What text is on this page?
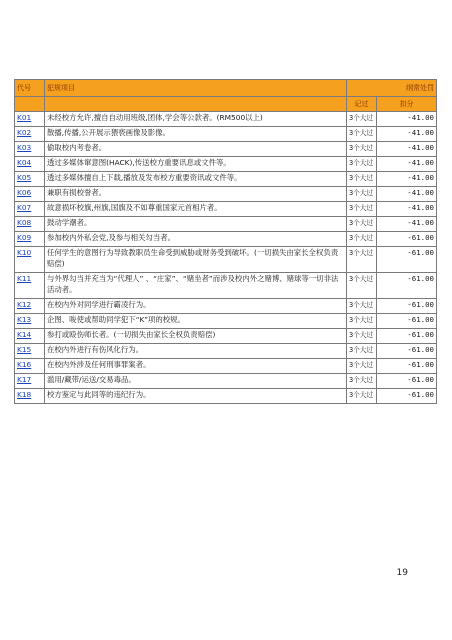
代号	犯规项目	纲常处罚	
		记过	扣分
K01	未经校方允许,擅自自动用班级,团体,学会等公款者。(RM500以上)	3个大过	-41.00
K02	散播,传播,公开展示猥亵画像及影像。	3个大过	-41.00
K03	偷取校内考卷者。	3个大过	-41.00
K04	透过多媒体窜意图(HACK),传送校方重要讯息或文件等。	3个大过	-41.00
K05	透过多媒体擅自上下载,播放及发布校方重要资讯或文件等。	3个大过	-41.00
K06	兼职有损校誉者。	3个大过	-41.00
K07	故意损坏校旗,州旗,国旗及不如尊重国家元首相片者。	3个大过	-41.00
K08	鼓动学潮者。	3个大过	-41.00
K09	参加校内外私会党,及参与相关勾当者。	3个大过	-61.00
K10	任何学生的意图行为导致教职员生命受到威胁或财务受到破坏。(一切损失由家长全权负责赔偿)	3个大过	-61.00
K11	与外界勾当并充当为“代理人” 、“庄家”、“赌坐者”而涉及校内外之赌博、赌球等一切非法活动者。	3个大过	-61.00
K12	在校内外对同学进行霸凌行为。	3个大过	-61.00
K13	企图、唆使或帮助同学犯下“K”项的校规。	3个大过	-61.00
K14	参打或殴伤师长者。(一切损失由家长全权负责赔偿)	3个大过	-61.00
K15	在校内外进行有伤风化行为。	3个大过	-61.00
K16	在校内外涉及任何刑事罪案者。	3个大过	-61.00
K17	滥用/藏带/运送/交易毒品。	3个大过	-61.00
K18	校方鉴定与此同等的违纪行为。	3个大过	-61.00
19
